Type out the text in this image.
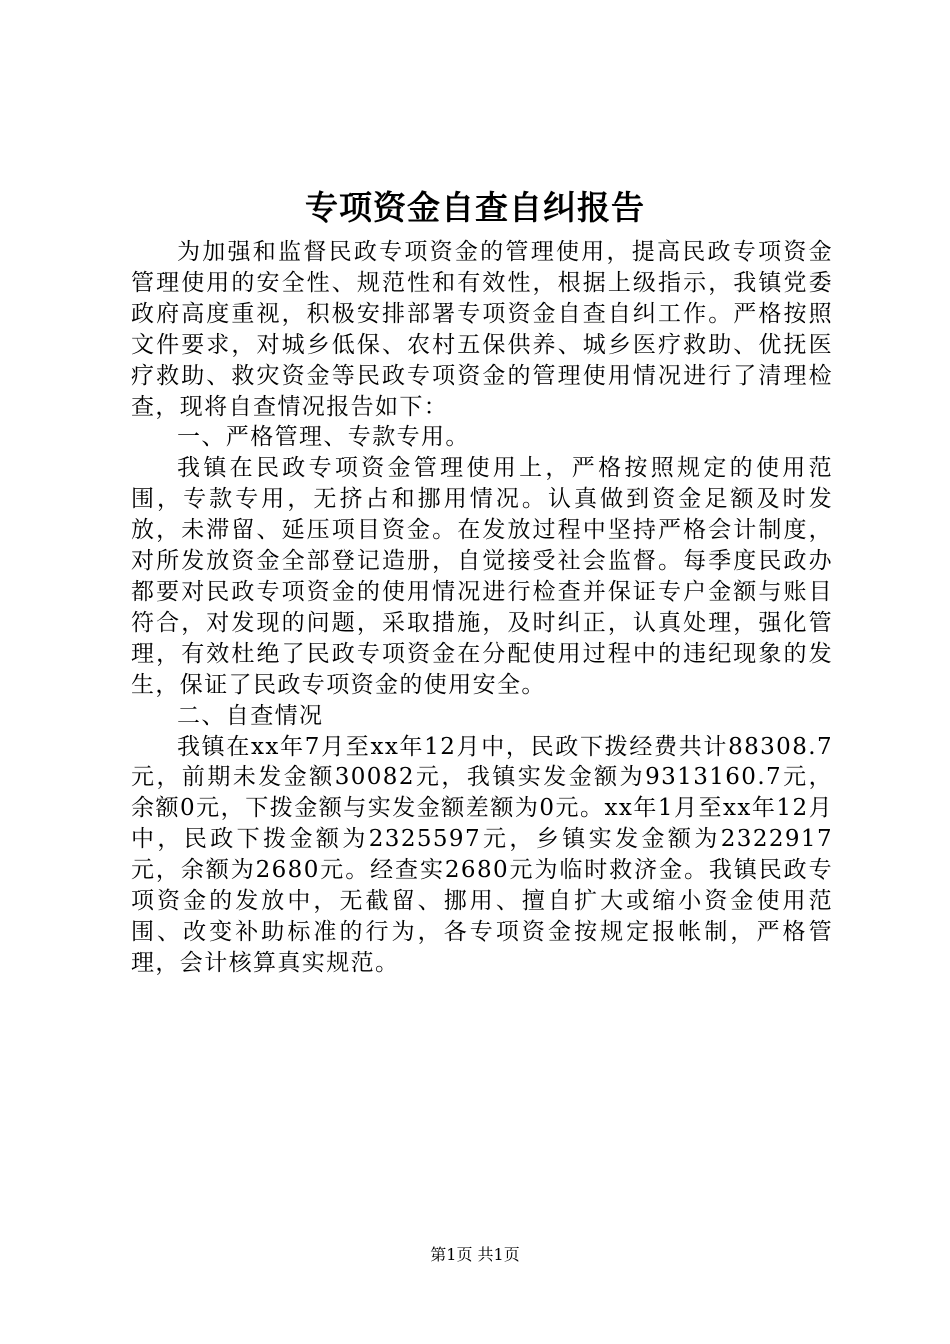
专项资金自查自纠报告

为加强和监督民政专项资金的管理使用，提高民政专项资金管理使用的安全性、规范性和有效性，根据上级指示，我镇党委政府高度重视，积极安排部署专项资金自查自纠工作。严格按照文件要求，对城乡低保、农村五保供养、城乡医疗救助、优抚医疗救助、救灾资金等民政专项资金的管理使用情况进行了清理检查，现将自查情况报告如下：

一、严格管理、专款专用。

我镇在民政专项资金管理使用上，严格按照规定的使用范围，专款专用，无挤占和挪用情况。认真做到资金足额及时发放，未滞留、延压项目资金。在发放过程中坚持严格会计制度，对所发放资金全部登记造册，自觉接受社会监督。每季度民政办都要对民政专项资金的使用情况进行检查并保证专户金额与账目符合，对发现的问题，采取措施，及时纠正，认真处理，强化管理，有效杜绝了民政专项资金在分配使用过程中的违纪现象的发生，保证了民政专项资金的使用安全。

二、自查情况

我镇在xx年7月至xx年12月中，民政下拨经费共计88308.7元，前期未发金额30082元，我镇实发金额为9313160.7元，余额0元，下拨金额与实发金额差额为0元。xx年1月至xx年12月中，民政下拨金额为2325597元，乡镇实发金额为2322917元，余额为2680元。经查实2680元为临时救济金。我镇民政专项资金的发放中，无截留、挪用、擅自扩大或缩小资金使用范围、改变补助标准的行为，各专项资金按规定报帐制，严格管理，会计核算真实规范。

第1页 共1页
